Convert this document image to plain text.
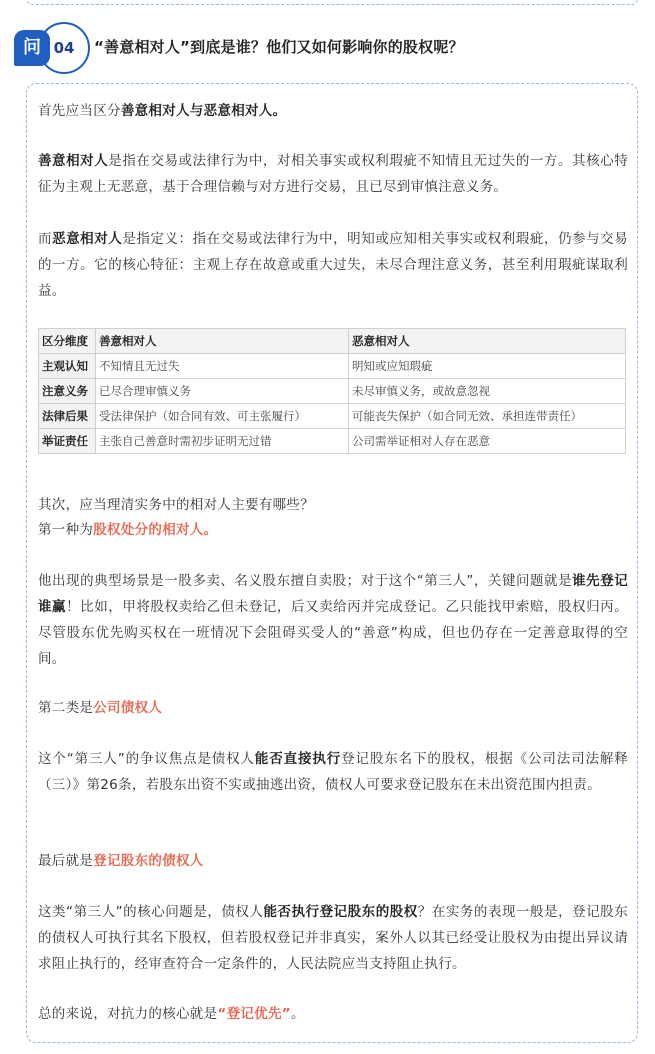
04
问	“善意相对人”到底是谁？他们又如何影响你的股权呢？

首先应当区分善意相对人与恶意相对人。

善意相对人是指在交易或法律行为中，对相关事实或权利瑕疵不知情且无过失的一方。其核心特征为主观上无恶意，基于合理信赖与对方进行交易，且已尽到审慎注意义务。

而恶意相对人是指定义：指在交易或法律行为中，明知或应知相关事实或权利瑕疵，仍参与交易的一方。它的核心特征：主观上存在故意或重大过失，未尽合理注意义务，甚至利用瑕疵谋取利益。

区分维度	善意相对人	恶意相对人
主观认知	不知情且无过失	明知或应知瑕疵
注意义务	已尽合理审慎义务	未尽审慎义务，或故意忽视
法律后果	受法律保护（如合同有效、可主张履行）	可能丧失保护（如合同无效、承担连带责任）
举证责任	主张自己善意时需初步证明无过错	公司需举证相对人存在恶意

其次，应当理清实务中的相对人主要有哪些？

第一种为股权处分的相对人。

他出现的典型场景是一股多卖、名义股东擅自卖股；对于这个“第三人”，关键问题就是谁先登记谁赢！比如，甲将股权卖给乙但未登记，后又卖给丙并完成登记。乙只能找甲索赔，股权归丙。尽管股东优先购买权在一班情况下会阻碍买受人的“善意”构成，但也仍存在一定善意取得的空间。

第二类是公司债权人

这个“第三人”的争议焦点是债权人能否直接执行登记股东名下的股权，根据《公司法司法解释（三）》第26条，若股东出资不实或抽逃出资，债权人可要求登记股东在未出资范围内担责。

最后就是登记股东的债权人

这类“第三人”的核心问题是，债权人能否执行登记股东的股权？在实务的表现一般是，登记股东的债权人可执行其名下股权，但若股权登记并非真实，案外人以其已经受让股权为由提出异议请求阻止执行的，经审查符合一定条件的，人民法院应当支持阻止执行。

总的来说，对抗力的核心就是“登记优先”。
